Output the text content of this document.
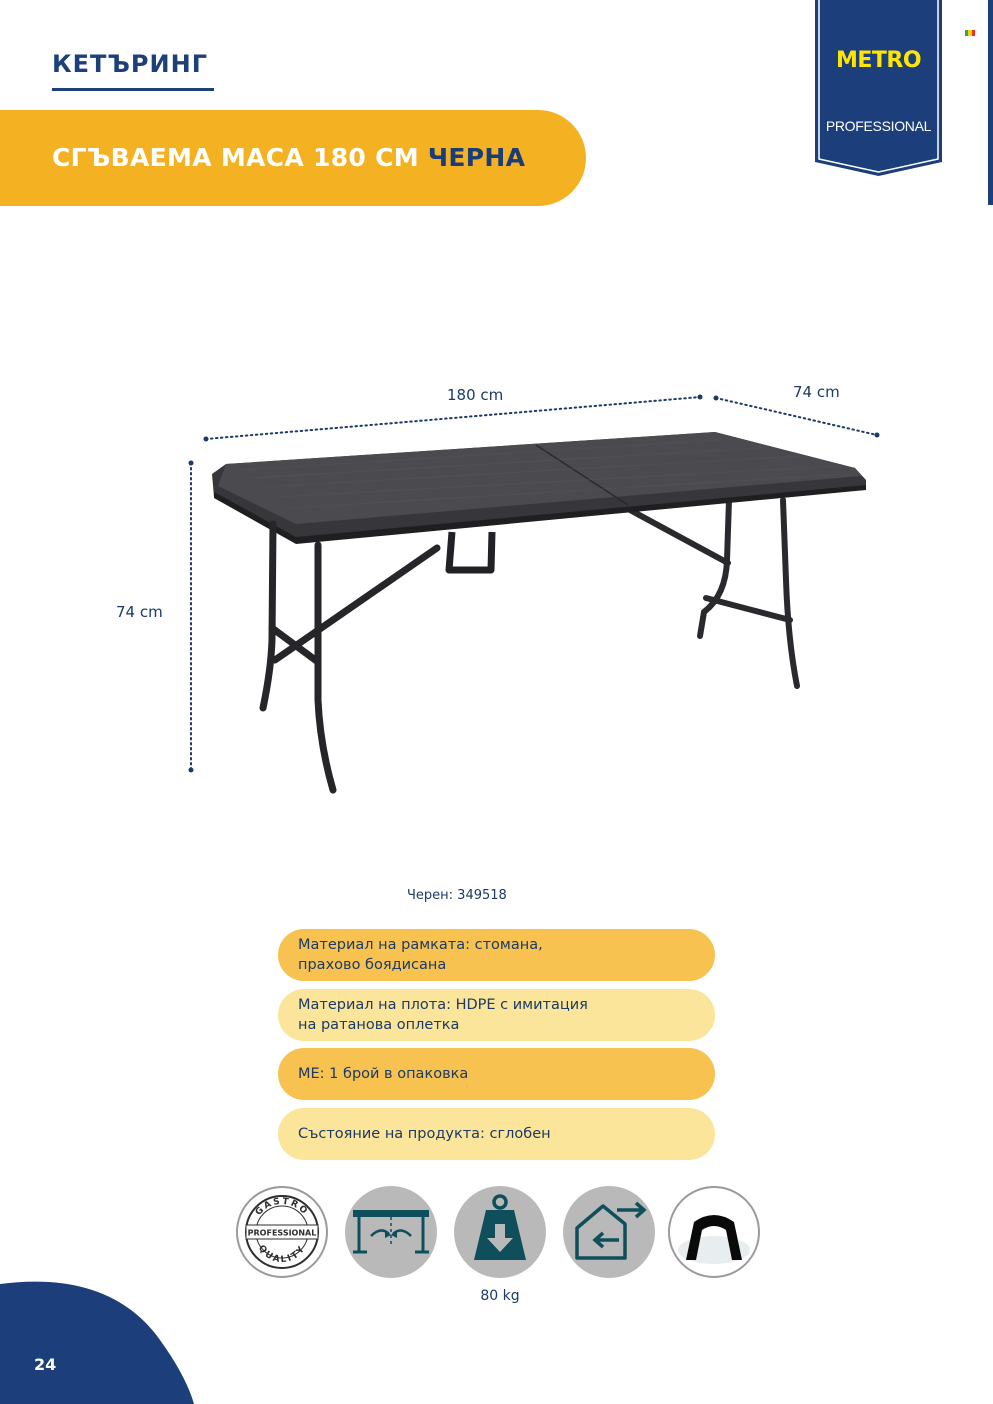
КЕТЪРИНГ
СГЪВАЕМА МАСА 180 СМ ЧЕРНА
METRO
PROFESSIONAL
180 cm	74 cm
74 cm
Черен: 349518
Материал на рамката: стомана,
прахово боядисана
Материал на плота: HDPE с имитация
на ратанова оплетка
МЕ: 1 брой в опаковка
Състояние на продукта: сглобен
GASTRO
PROFESSIONAL
QUALITY
80 kg
24
